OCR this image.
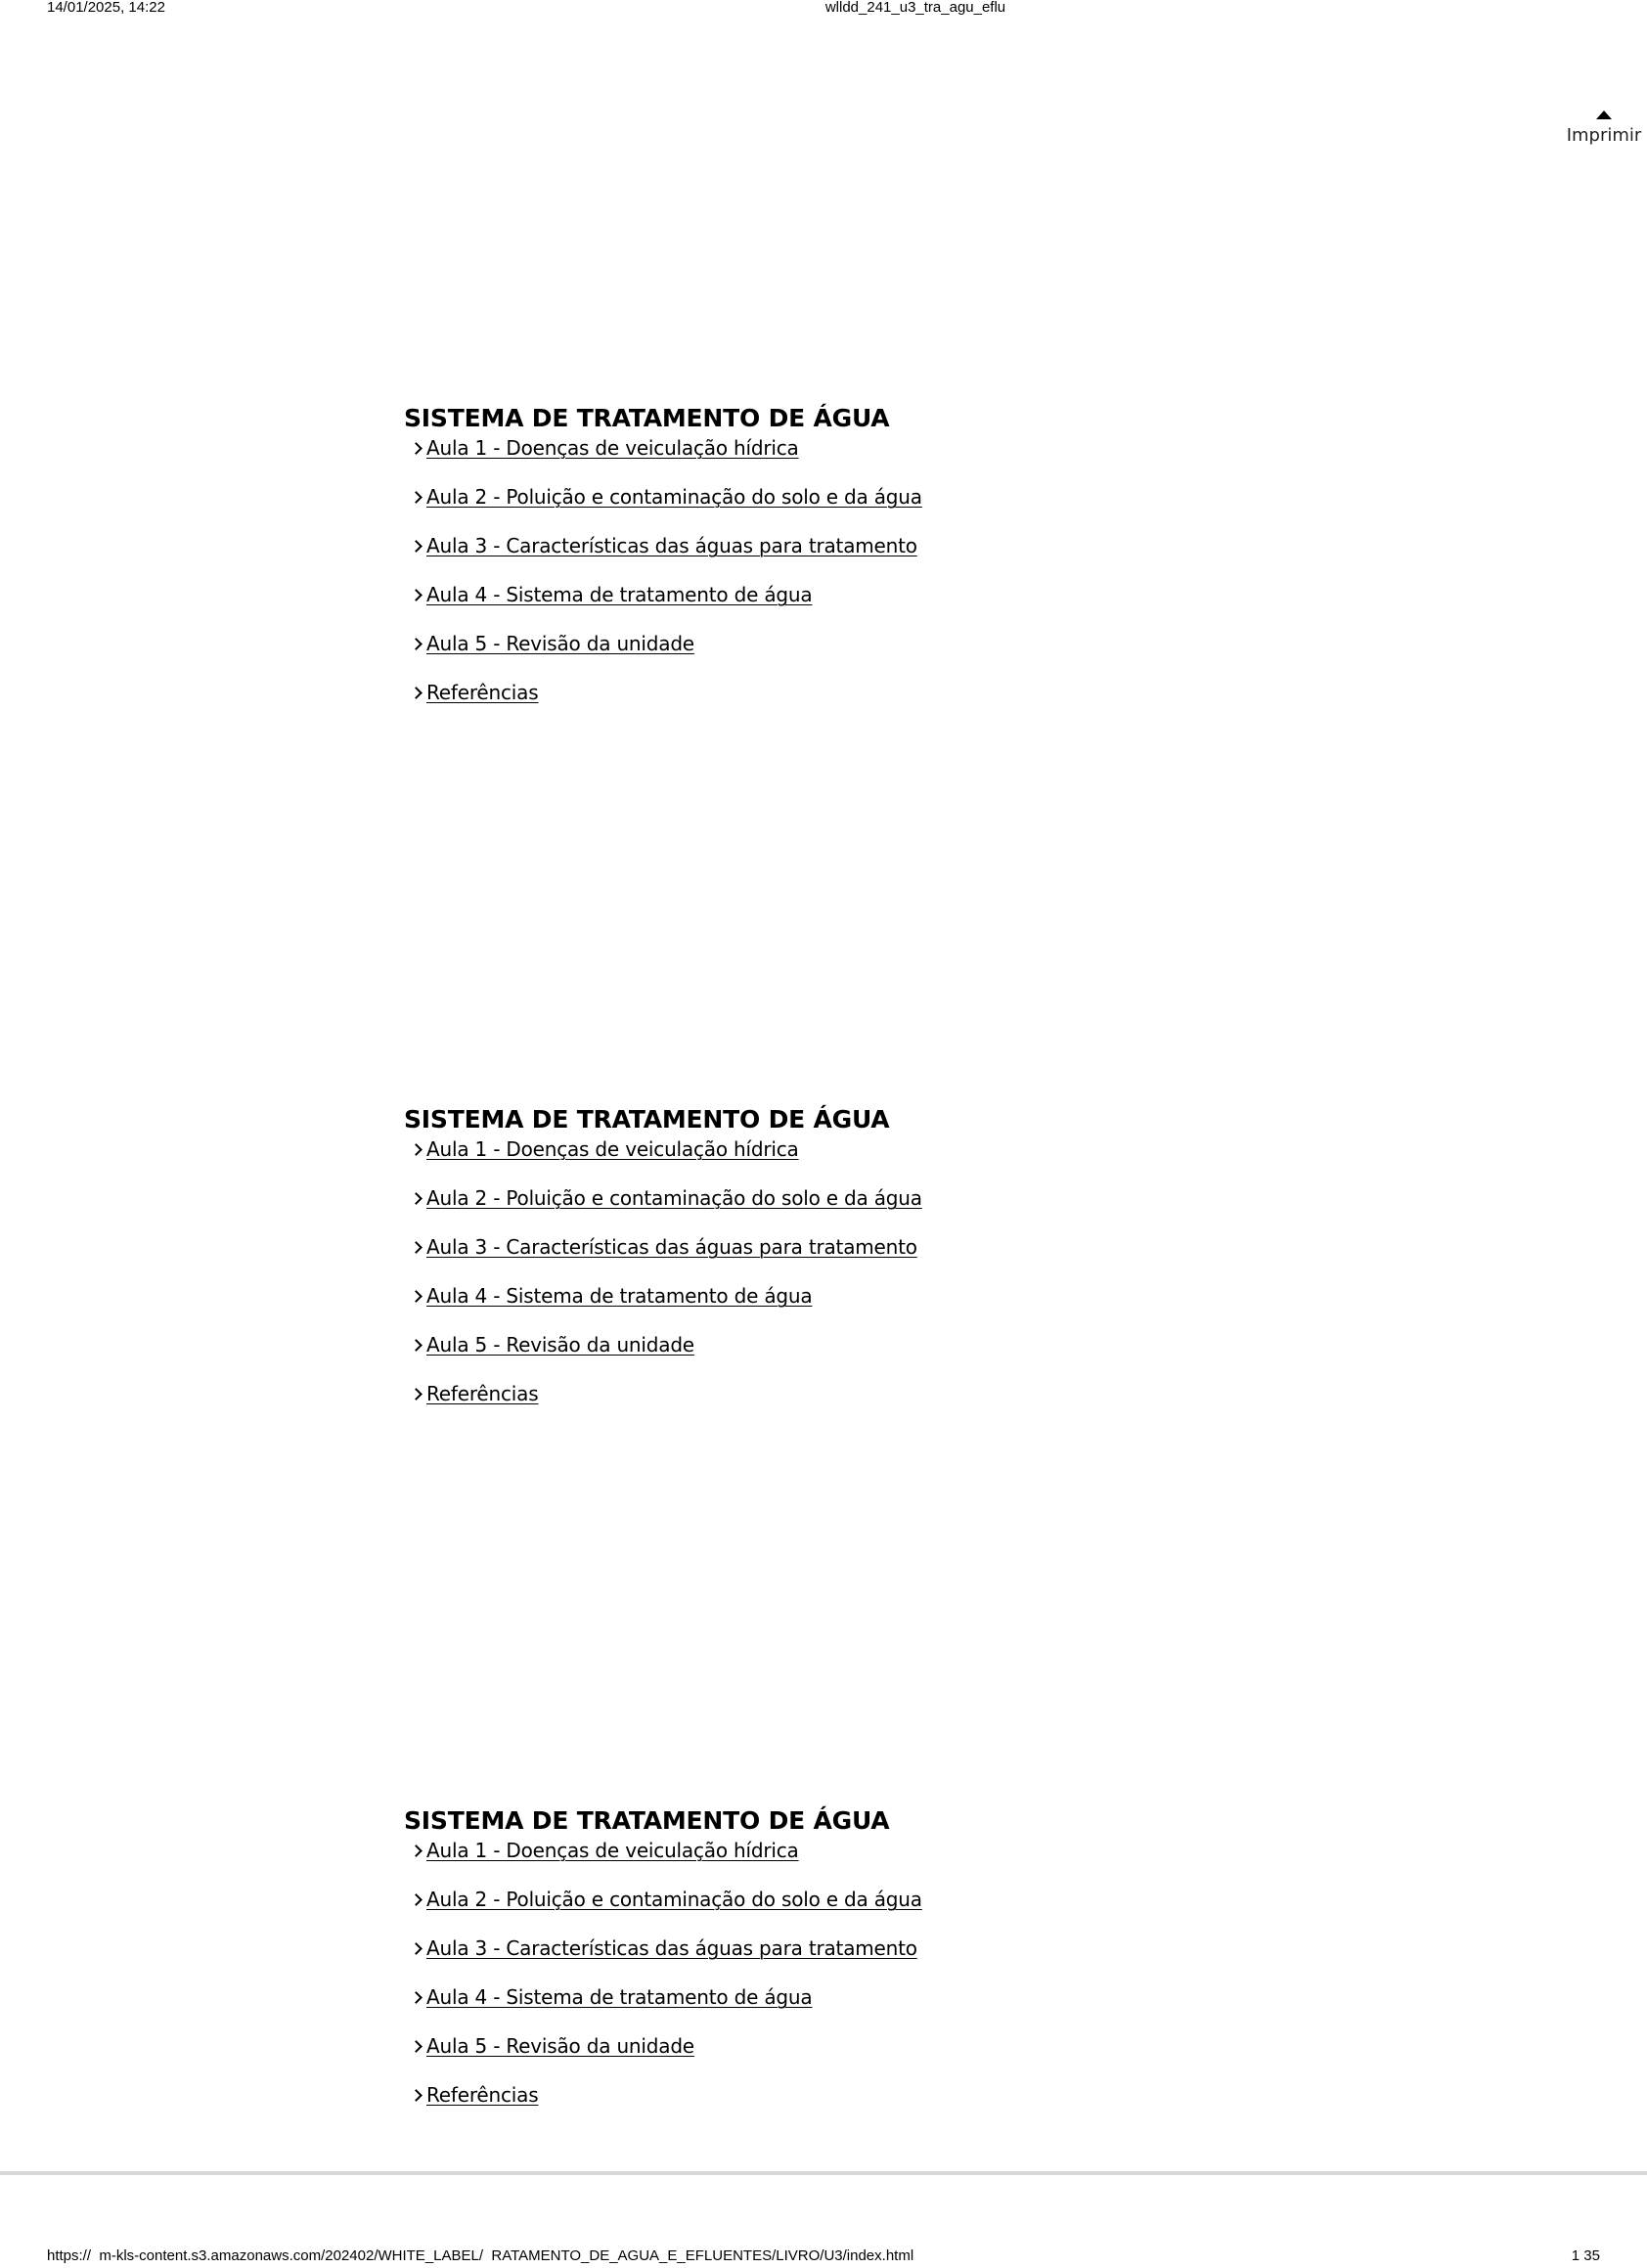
14/01/2025, 14:22	wlldd_241_u3_tra_agu_eflu
Imprimir
SISTEMA DE TRATAMENTO DE ÁGUA
Aula 1 - Doenças de veiculação hídrica
Aula 2 - Poluição e contaminação do solo e da água
Aula 3 - Características das águas para tratamento
Aula 4 - Sistema de tratamento de água
Aula 5 - Revisão da unidade
Referências
SISTEMA DE TRATAMENTO DE ÁGUA
Aula 1 - Doenças de veiculação hídrica
Aula 2 - Poluição e contaminação do solo e da água
Aula 3 - Características das águas para tratamento
Aula 4 - Sistema de tratamento de água
Aula 5 - Revisão da unidade
Referências
SISTEMA DE TRATAMENTO DE ÁGUA
Aula 1 - Doenças de veiculação hídrica
Aula 2 - Poluição e contaminação do solo e da água
Aula 3 - Características das águas para tratamento
Aula 4 - Sistema de tratamento de água
Aula 5 - Revisão da unidade
Referências
https://  m-kls-content.s3.amazonaws.com/202402/WHITE_LABEL/  RATAMENTO_DE_AGUA_E_EFLUENTES/LIVRO/U3/index.html	1 35
